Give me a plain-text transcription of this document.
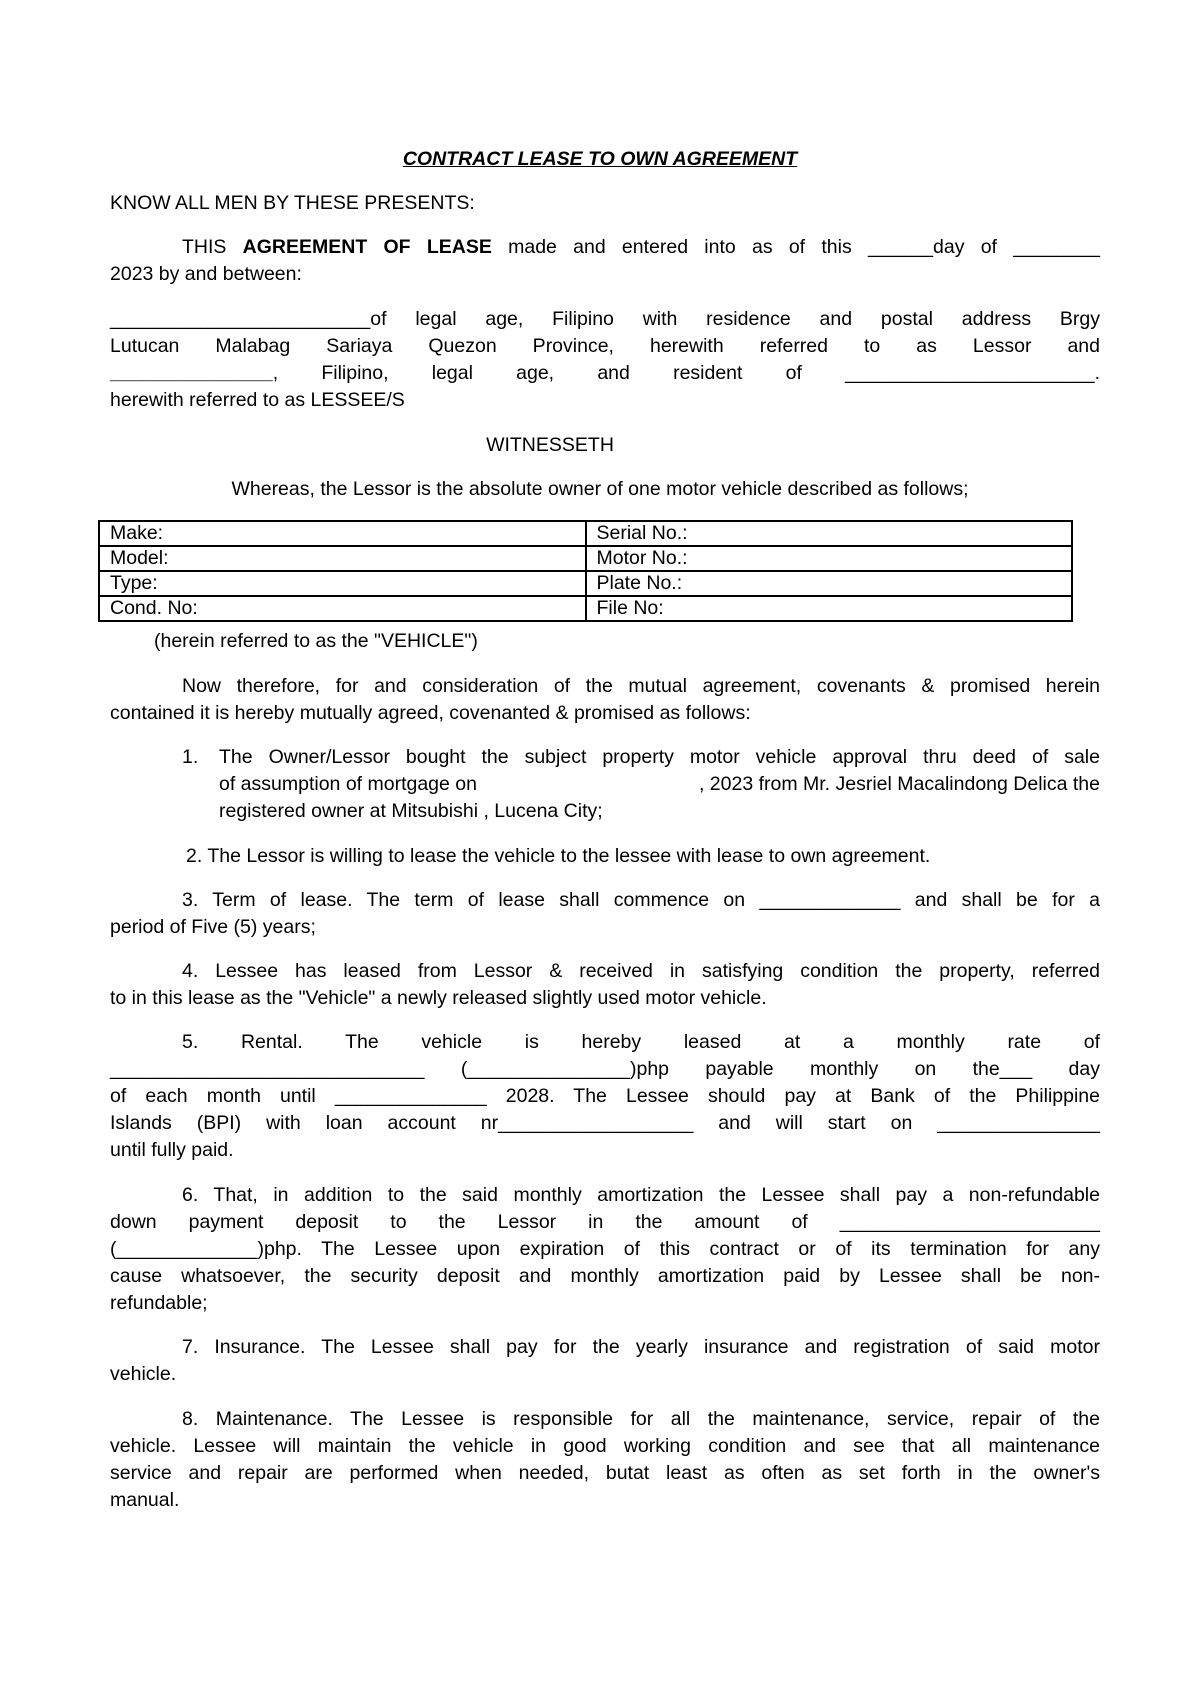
CONTRACT LEASE TO OWN AGREEMENT
KNOW ALL MEN BY THESE PRESENTS:
THIS AGREEMENT OF LEASE made and entered into as of this ______day of ________
2023 by and between:
________________________of legal age, Filipino with residence and postal address Brgy
Lutucan Malabag Sariaya Quezon Province, herewith referred to as Lessor and
_______________, Filipino, legal age, and resident of _______________________.
herewith referred to as LESSEE/S
WITNESSETH
Whereas, the Lessor is the absolute owner of one motor vehicle described as follows;
Make:	Serial No.:
Model:	Motor No.:
Type:	Plate No.:
Cond. No:	File No:
(herein referred to as the "VEHICLE")
Now therefore, for and consideration of the mutual agreement, covenants & promised herein
contained it is hereby mutually agreed, covenanted & promised as follows:
1. The Owner/Lessor bought the subject property motor vehicle approval thru deed of sale
of assumption of mortgage on	, 2023 from Mr. Jesriel Macalindong Delica the
registered owner at Mitsubishi , Lucena City;
2. The Lessor is willing to lease the vehicle to the lessee with lease to own agreement.
3. Term of lease. The term of lease shall commence on _____________ and shall be for a
period of Five (5) years;
4. Lessee has leased from Lessor & received in satisfying condition the property, referred
to in this lease as the "Vehicle" a newly released slightly used motor vehicle.
5. Rental. The vehicle is hereby leased at a monthly rate of
_____________________________ (_______________)php payable monthly on the___ day
of each month until ______________ 2028. The Lessee should pay at Bank of the Philippine
Islands (BPI) with loan account nr__________________ and will start on _______________
until fully paid.
6. That, in addition to the said monthly amortization the Lessee shall pay a non-refundable
down payment deposit to the Lessor in the amount of ________________________
(_____________)php. The Lessee upon expiration of this contract or of its termination for any
cause whatsoever, the security deposit and monthly amortization paid by Lessee shall be non-
refundable;
7. Insurance. The Lessee shall pay for the yearly insurance and registration of said motor
vehicle.
8. Maintenance. The Lessee is responsible for all the maintenance, service, repair of the
vehicle. Lessee will maintain the vehicle in good working condition and see that all maintenance
service and repair are performed when needed, butat least as often as set forth in the owner's
manual.
